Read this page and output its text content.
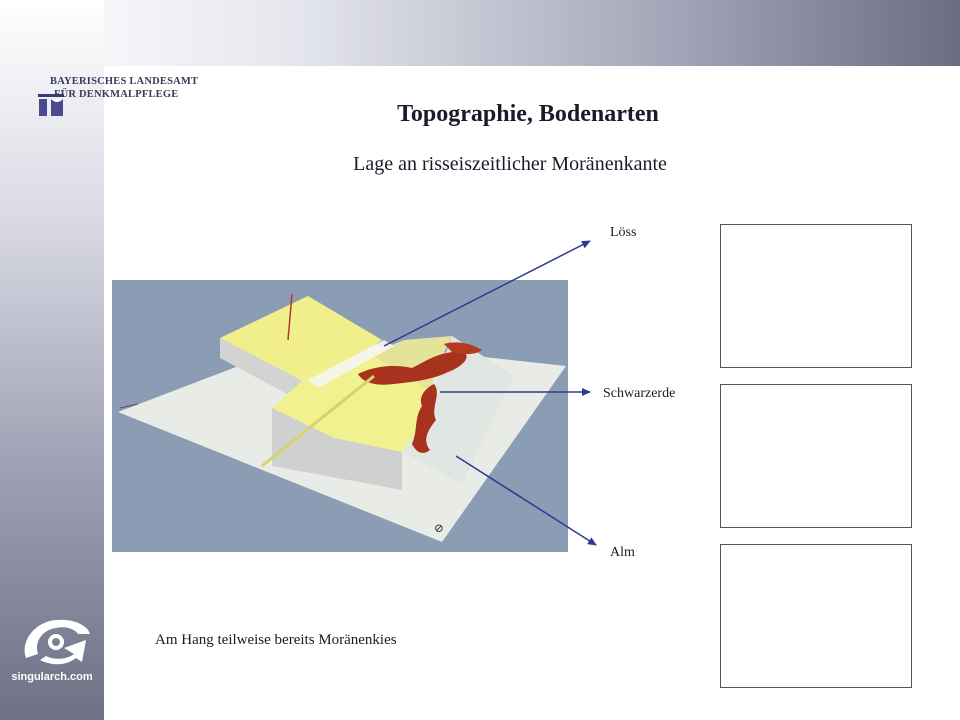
BAYERISCHES LANDESAMT
FÜR DENKMALPFLEGE
Topographie, Bodenarten
Lage an risseiszeitlicher Moränenkante
⊘
Löss
Schwarzerde
Alm
Am Hang teilweise bereits Moränenkies
singularch.com
